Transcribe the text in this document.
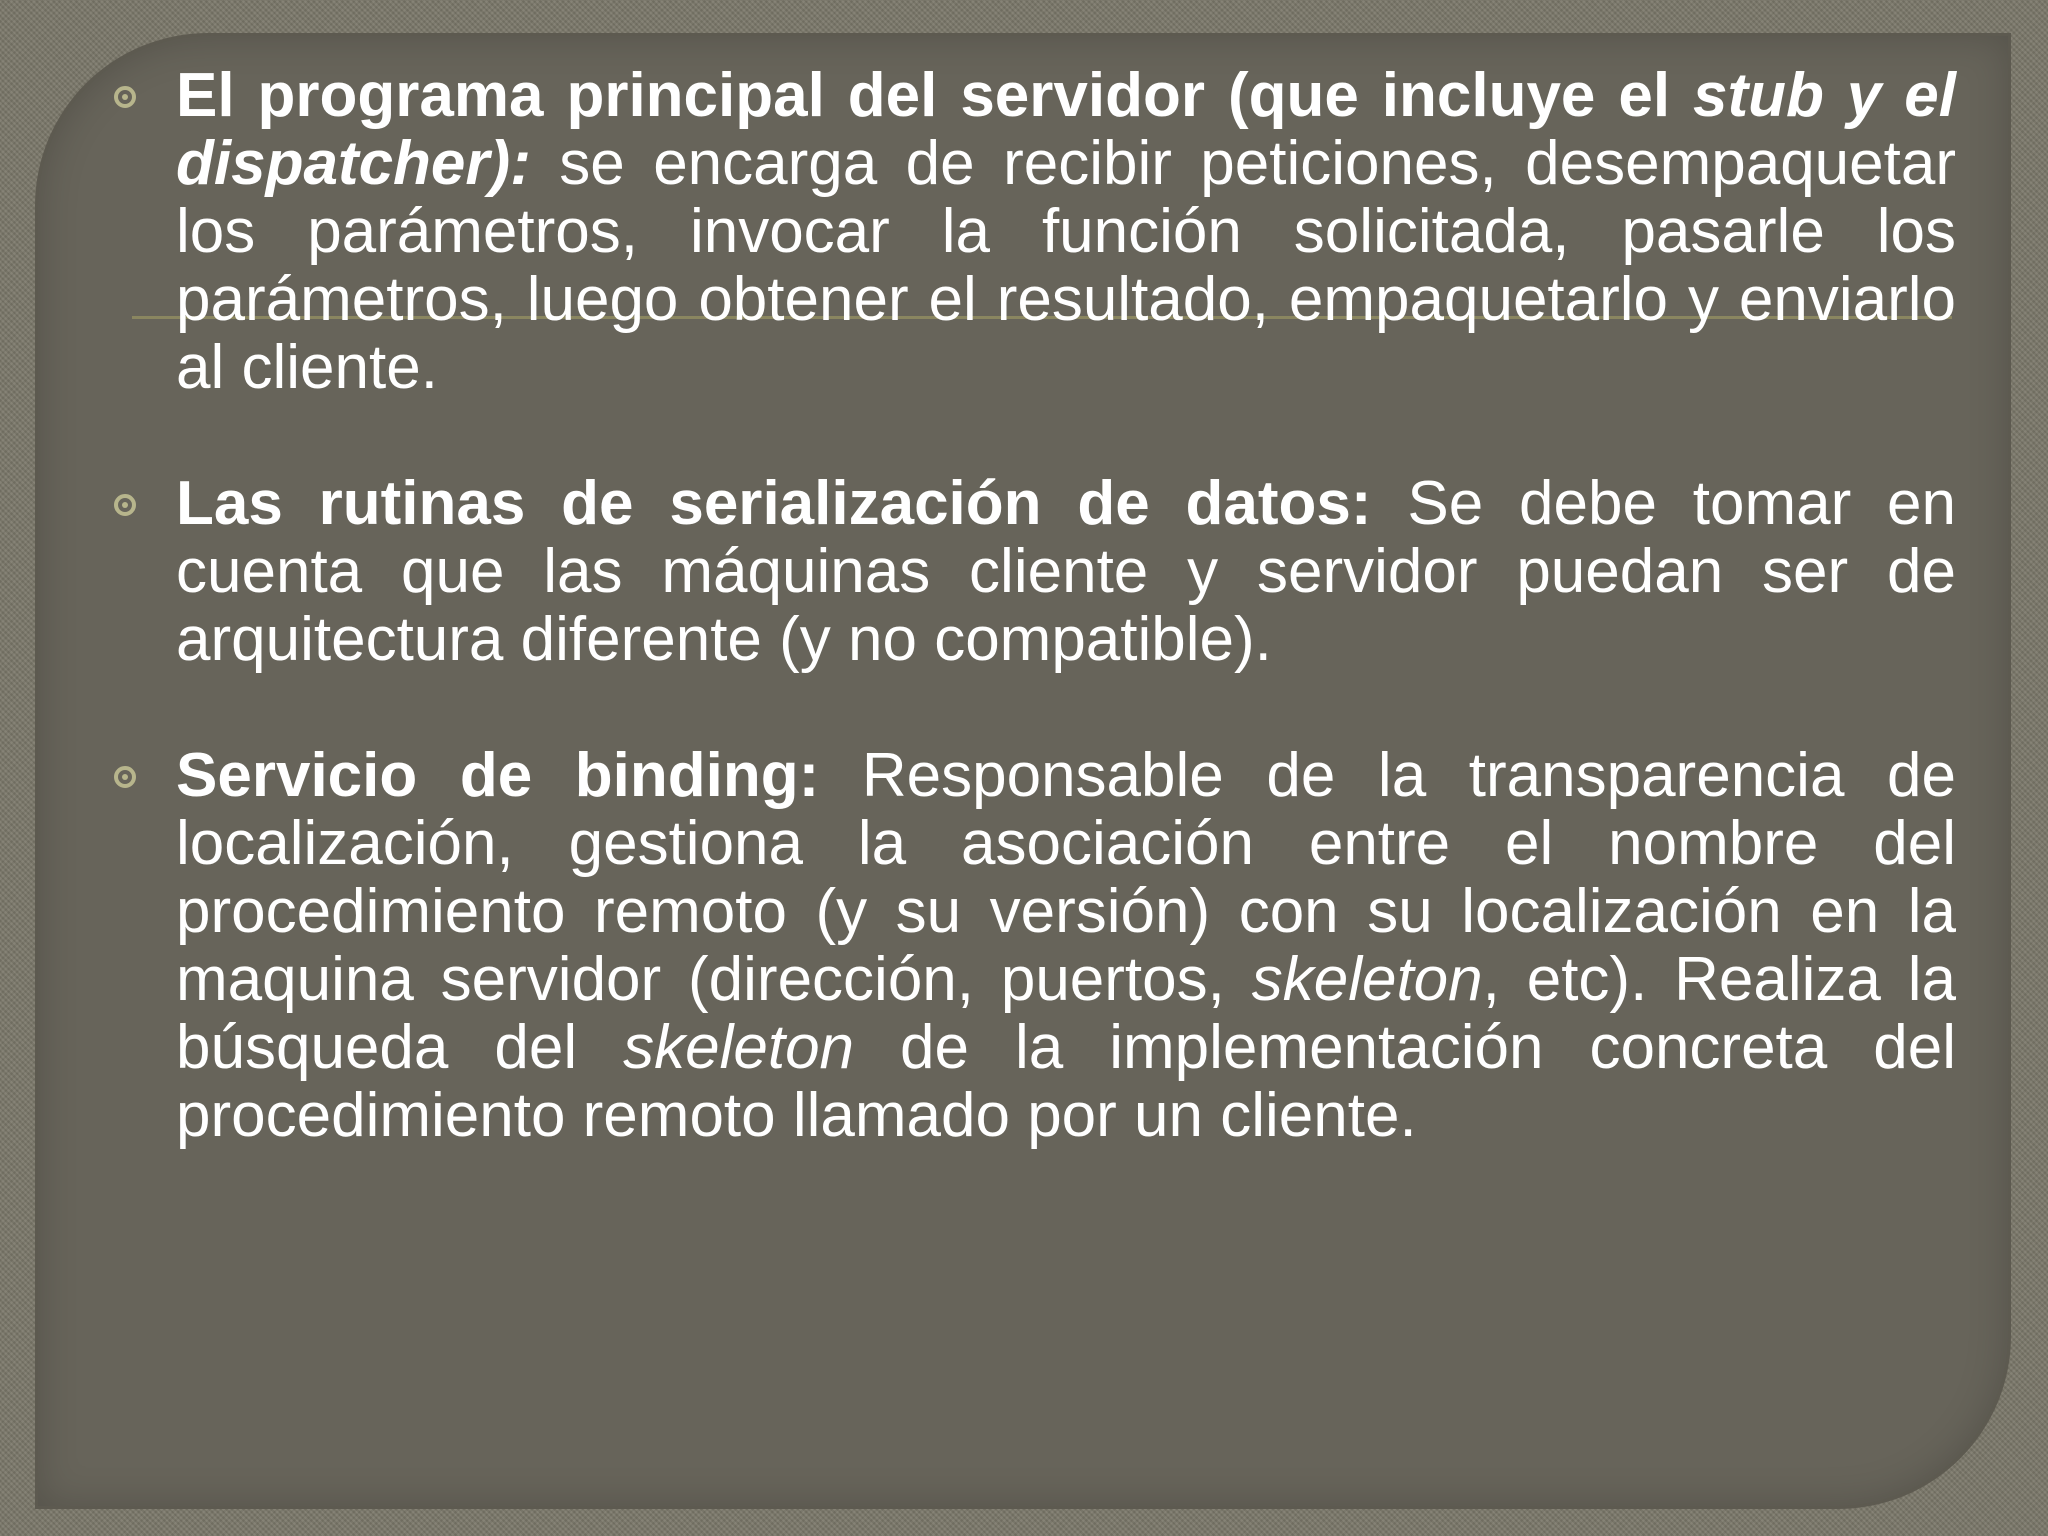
El programa principal del servidor (que incluye el stub y el dispatcher): se encarga de recibir peticiones, desempaquetar los parámetros, invocar la función solicitada, pasarle los parámetros, luego obtener el resultado, empaquetarlo y enviarlo al cliente.
Las rutinas de serialización de datos: Se debe tomar en cuenta que las máquinas cliente y servidor puedan ser de arquitectura diferente (y no compatible).
Servicio de binding: Responsable de la transparencia de localización, gestiona la asociación entre el nombre del procedimiento remoto (y su versión) con su localización en la maquina servidor (dirección, puertos, skeleton, etc). Realiza la búsqueda del skeleton de la implementación concreta del procedimiento remoto llamado por un cliente.
